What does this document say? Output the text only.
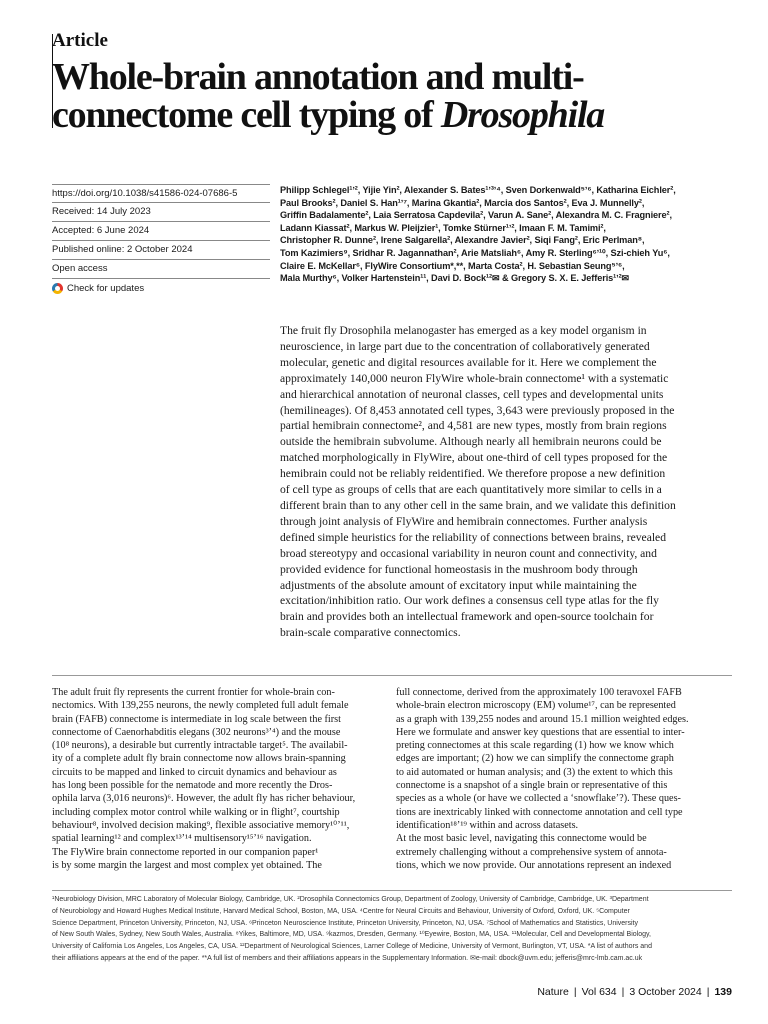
Article
Whole-brain annotation and multi-
connectome cell typing of Drosophila
https://doi.org/10.1038/s41586-024-07686-5
Received: 14 July 2023
Accepted: 6 June 2024
Published online: 2 October 2024
Open access
Check for updates
Philipp Schlegel¹ʼ², Yijie Yin², Alexander S. Bates¹ʼ³ʼ⁴, Sven Dorkenwald⁵ʼ⁶, Katharina Eichler²,
Paul Brooks², Daniel S. Han¹ʼ⁷, Marina Gkantia², Marcia dos Santos², Eva J. Munnelly²,
Griffin Badalamente², Laia Serratosa Capdevila², Varun A. Sane², Alexandra M. C. Fragniere²,
Ladann Kiassat², Markus W. Pleijzier¹, Tomke Stürner¹ʼ², Imaan F. M. Tamimi²,
Christopher R. Dunne², Irene Salgarella², Alexandre Javier², Siqi Fang², Eric Perlman⁸,
Tom Kazimiers⁹, Sridhar R. Jagannathan², Arie Matsliah⁶, Amy R. Sterling⁶ʼ¹⁰, Szi-chieh Yu⁶,
Claire E. McKellar⁶, FlyWire Consortium*,**, Marta Costa², H. Sebastian Seung⁵ʼ⁶,
Mala Murthy⁶, Volker Hartenstein¹¹, Davi D. Bock¹²✉ & Gregory S. X. E. Jefferis¹ʼ²✉
The fruit fly Drosophila melanogaster has emerged as a key model organism in
neuroscience, in large part due to the concentration of collaboratively generated
molecular, genetic and digital resources available for it. Here we complement the
approximately 140,000 neuron FlyWire whole-brain connectome¹ with a systematic
and hierarchical annotation of neuronal classes, cell types and developmental units
(hemilineages). Of 8,453 annotated cell types, 3,643 were previously proposed in the
partial hemibrain connectome², and 4,581 are new types, mostly from brain regions
outside the hemibrain subvolume. Although nearly all hemibrain neurons could be
matched morphologically in FlyWire, about one-third of cell types proposed for the
hemibrain could not be reliably reidentified. We therefore propose a new definition
of cell type as groups of cells that are each quantitatively more similar to cells in a
different brain than to any other cell in the same brain, and we validate this definition
through joint analysis of FlyWire and hemibrain connectomes. Further analysis
defined simple heuristics for the reliability of connections between brains, revealed
broad stereotypy and occasional variability in neuron count and connectivity, and
provided evidence for functional homeostasis in the mushroom body through
adjustments of the absolute amount of excitatory input while maintaining the
excitation/inhibition ratio. Our work defines a consensus cell type atlas for the fly
brain and provides both an intellectual framework and open-source toolchain for
brain-scale comparative connectomics.
The adult fruit fly represents the current frontier for whole-brain con-
nectomics. With 139,255 neurons, the newly completed full adult female
brain (FAFB) connectome is intermediate in log scale between the first
connectome of Caenorhabditis elegans (302 neurons³ʼ⁴) and the mouse
(10⁸ neurons), a desirable but currently intractable target⁵. The availabil-
ity of a complete adult fly brain connectome now allows brain-spanning
circuits to be mapped and linked to circuit dynamics and behaviour as
has long been possible for the nematode and more recently the Dros-
ophila larva (3,016 neurons)⁶. However, the adult fly has richer behaviour,
including complex motor control while walking or in flight⁷, courtship
behaviour⁸, involved decision making⁹, flexible associative memory¹⁰ʼ¹¹,
spatial learning¹² and complex¹³ʼ¹⁴ multisensory¹⁵ʼ¹⁶ navigation.
The FlyWire brain connectome reported in our companion paper¹
is by some margin the largest and most complex yet obtained. The
full connectome, derived from the approximately 100 teravoxel FAFB
whole-brain electron microscopy (EM) volume¹⁷, can be represented
as a graph with 139,255 nodes and around 15.1 million weighted edges.
Here we formulate and answer key questions that are essential to inter-
preting connectomes at this scale regarding (1) how we know which
edges are important; (2) how we can simplify the connectome graph
to aid automated or human analysis; and (3) the extent to which this
connectome is a snapshot of a single brain or representative of this
species as a whole (or have we collected a ‘snowflake’?). These ques-
tions are inextricably linked with connectome annotation and cell type
identification¹⁸ʼ¹⁹ within and across datasets.
At the most basic level, navigating this connectome would be
extremely challenging without a comprehensive system of annota-
tions, which we now provide. Our annotations represent an indexed
¹Neurobiology Division, MRC Laboratory of Molecular Biology, Cambridge, UK. ²Drosophila Connectomics Group, Department of Zoology, University of Cambridge, Cambridge, UK. ³Department
of Neurobiology and Howard Hughes Medical Institute, Harvard Medical School, Boston, MA, USA. ⁴Centre for Neural Circuits and Behaviour, University of Oxford, Oxford, UK. ⁵Computer
Science Department, Princeton University, Princeton, NJ, USA. ⁶Princeton Neuroscience Institute, Princeton University, Princeton, NJ, USA. ⁷School of Mathematics and Statistics, University
of New South Wales, Sydney, New South Wales, Australia. ⁸Yikes, Baltimore, MD, USA. ⁹kazmos, Dresden, Germany. ¹⁰Eyewire, Boston, MA, USA. ¹¹Molecular, Cell and Developmental Biology,
University of California Los Angeles, Los Angeles, CA, USA. ¹²Department of Neurological Sciences, Larner College of Medicine, University of Vermont, Burlington, VT, USA. *A list of authors and
their affiliations appears at the end of the paper. **A full list of members and their affiliations appears in the Supplementary Information. ✉e-mail: dbock@uvm.edu; jefferis@mrc-lmb.cam.ac.uk
Nature | Vol 634 | 3 October 2024 | 139
